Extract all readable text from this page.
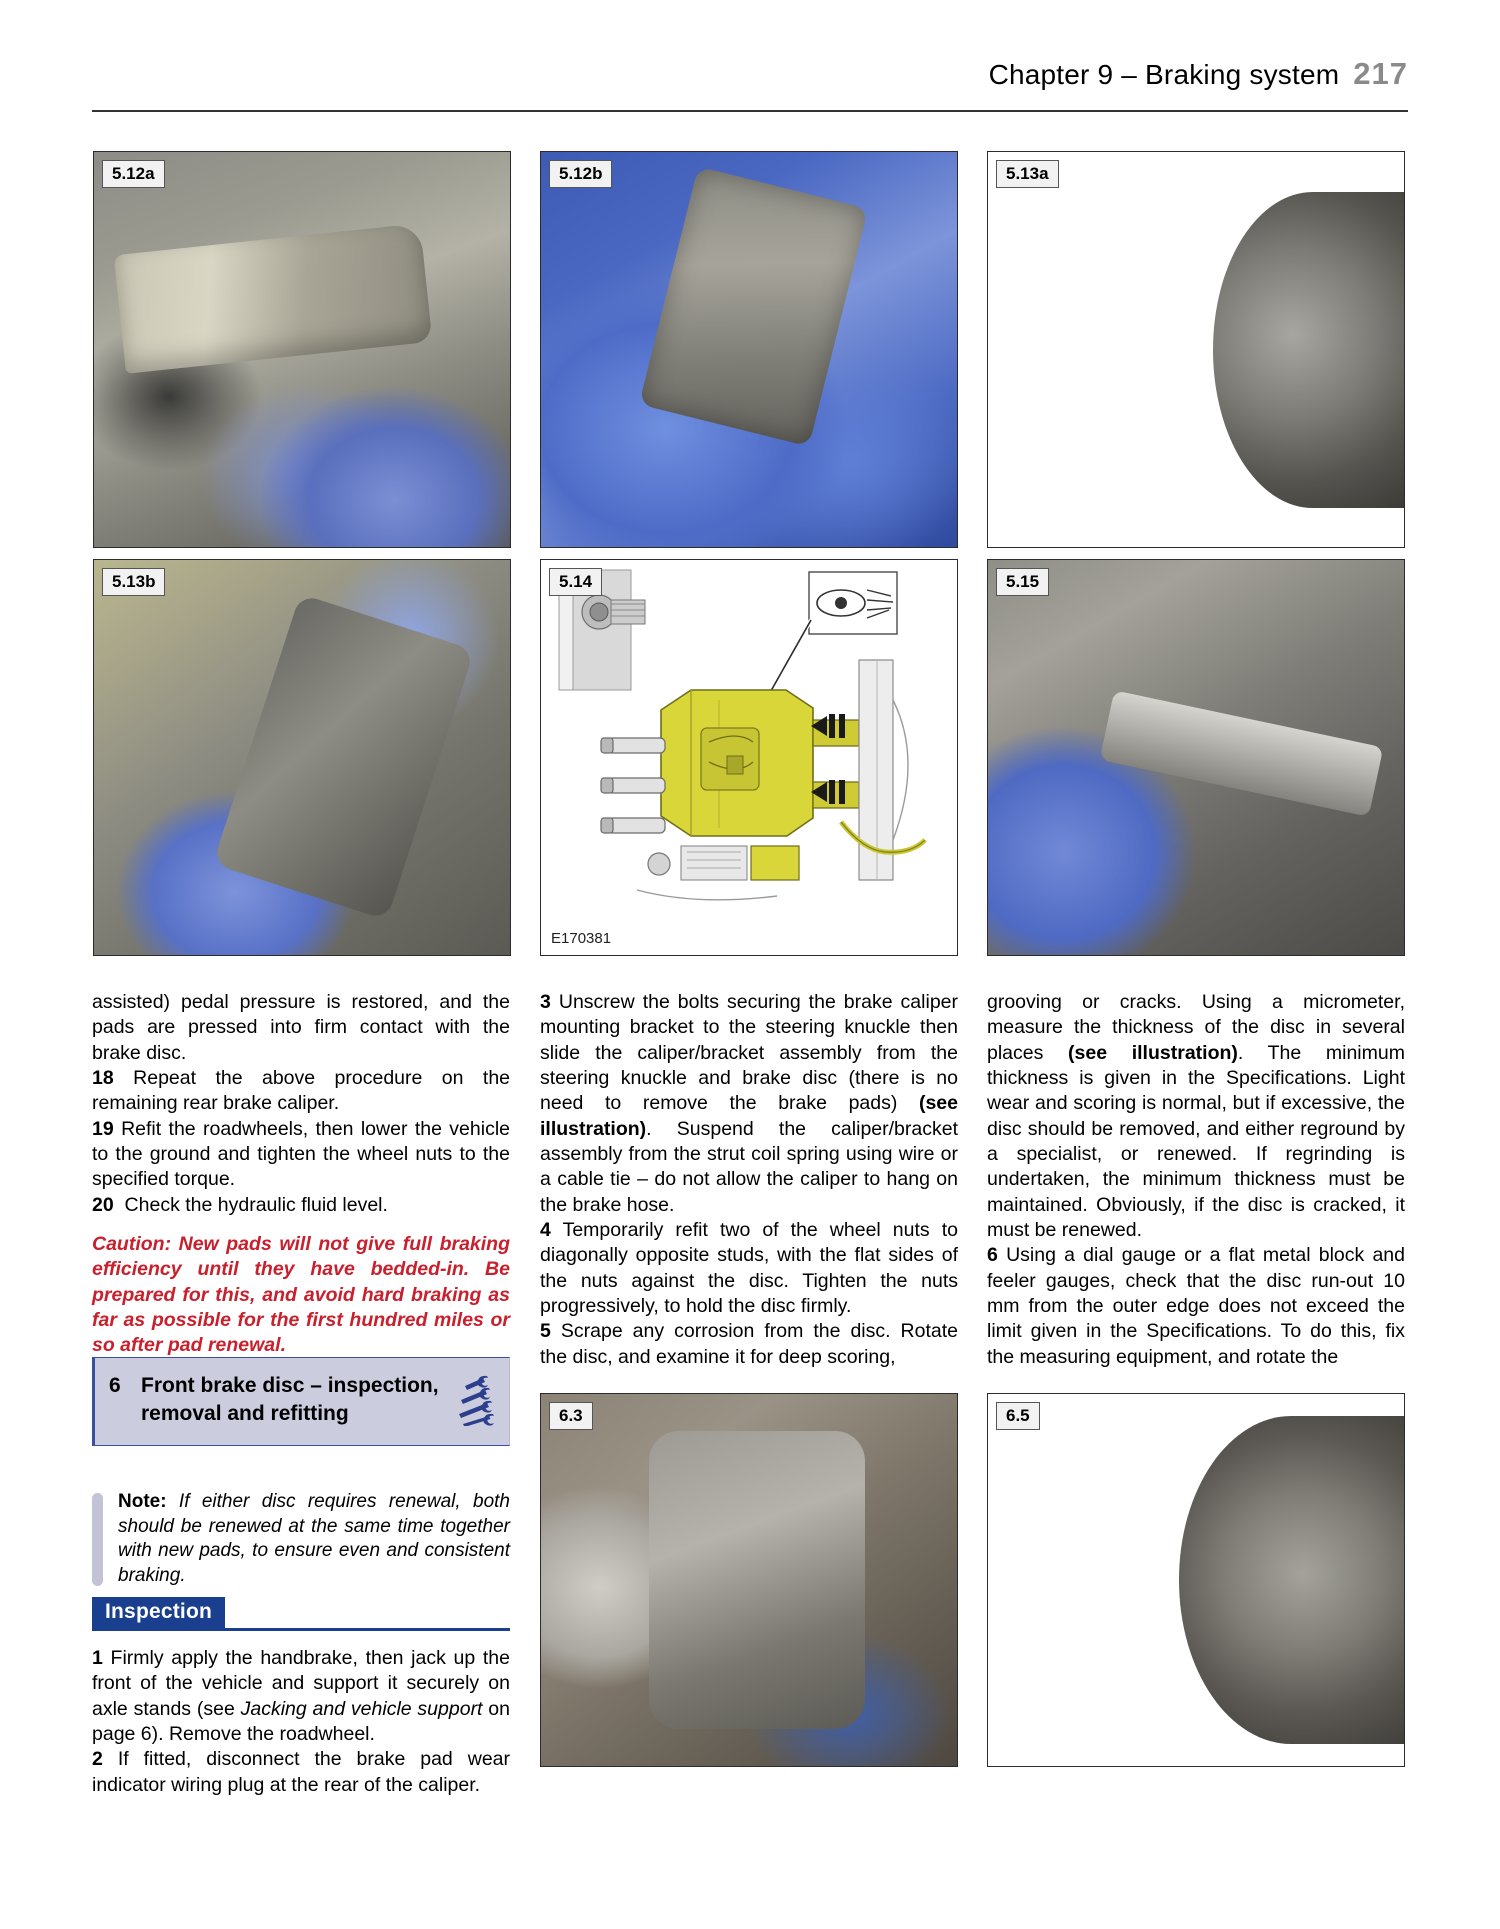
Chapter 9 – Braking system 217
5.12a	5.12b	5.13a
5.13b
E170381
5.14	5.15

assisted) pedal pressure is restored, and the pads are pressed into firm contact with the brake disc.

18 Repeat the above procedure on the remaining rear brake caliper.

19 Refit the roadwheels, then lower the vehicle to the ground and tighten the wheel nuts to the specified torque.

20 Check the hydraulic fluid level.

Caution: New pads will not give full braking efficiency until they have bedded-in. Be prepared for this, and avoid hard braking as far as possible for the first hundred miles or so after pad renewal.

6 Front brake disc – inspection, removal and refitting
Note: If either disc requires renewal, both should be renewed at the same time together with new pads, to ensure even and consistent braking.
Inspection

1 Firmly apply the handbrake, then jack up the front of the vehicle and support it securely on axle stands (see Jacking and vehicle support on page 6). Remove the roadwheel.

2 If fitted, disconnect the brake pad wear indicator wiring plug at the rear of the caliper.

3 Unscrew the bolts securing the brake caliper mounting bracket to the steering knuckle then slide the caliper/bracket assembly from the steering knuckle and brake disc (there is no need to remove the brake pads) (see illustration). Suspend the caliper/bracket assembly from the strut coil spring using wire or a cable tie – do not allow the caliper to hang on the brake hose.

4 Temporarily refit two of the wheel nuts to diagonally opposite studs, with the flat sides of the nuts against the disc. Tighten the nuts progressively, to hold the disc firmly.

5 Scrape any corrosion from the disc. Rotate the disc, and examine it for deep scoring,

grooving or cracks. Using a micrometer, measure the thickness of the disc in several places (see illustration). The minimum thickness is given in the Specifications. Light wear and scoring is normal, but if excessive, the disc should be removed, and either reground by a specialist, or renewed. If regrinding is undertaken, the minimum thickness must be maintained. Obviously, if the disc is cracked, it must be renewed.

6 Using a dial gauge or a flat metal block and feeler gauges, check that the disc run-out 10 mm from the outer edge does not exceed the limit given in the Specifications. To do this, fix the measuring equipment, and rotate the

6.3	6.5
